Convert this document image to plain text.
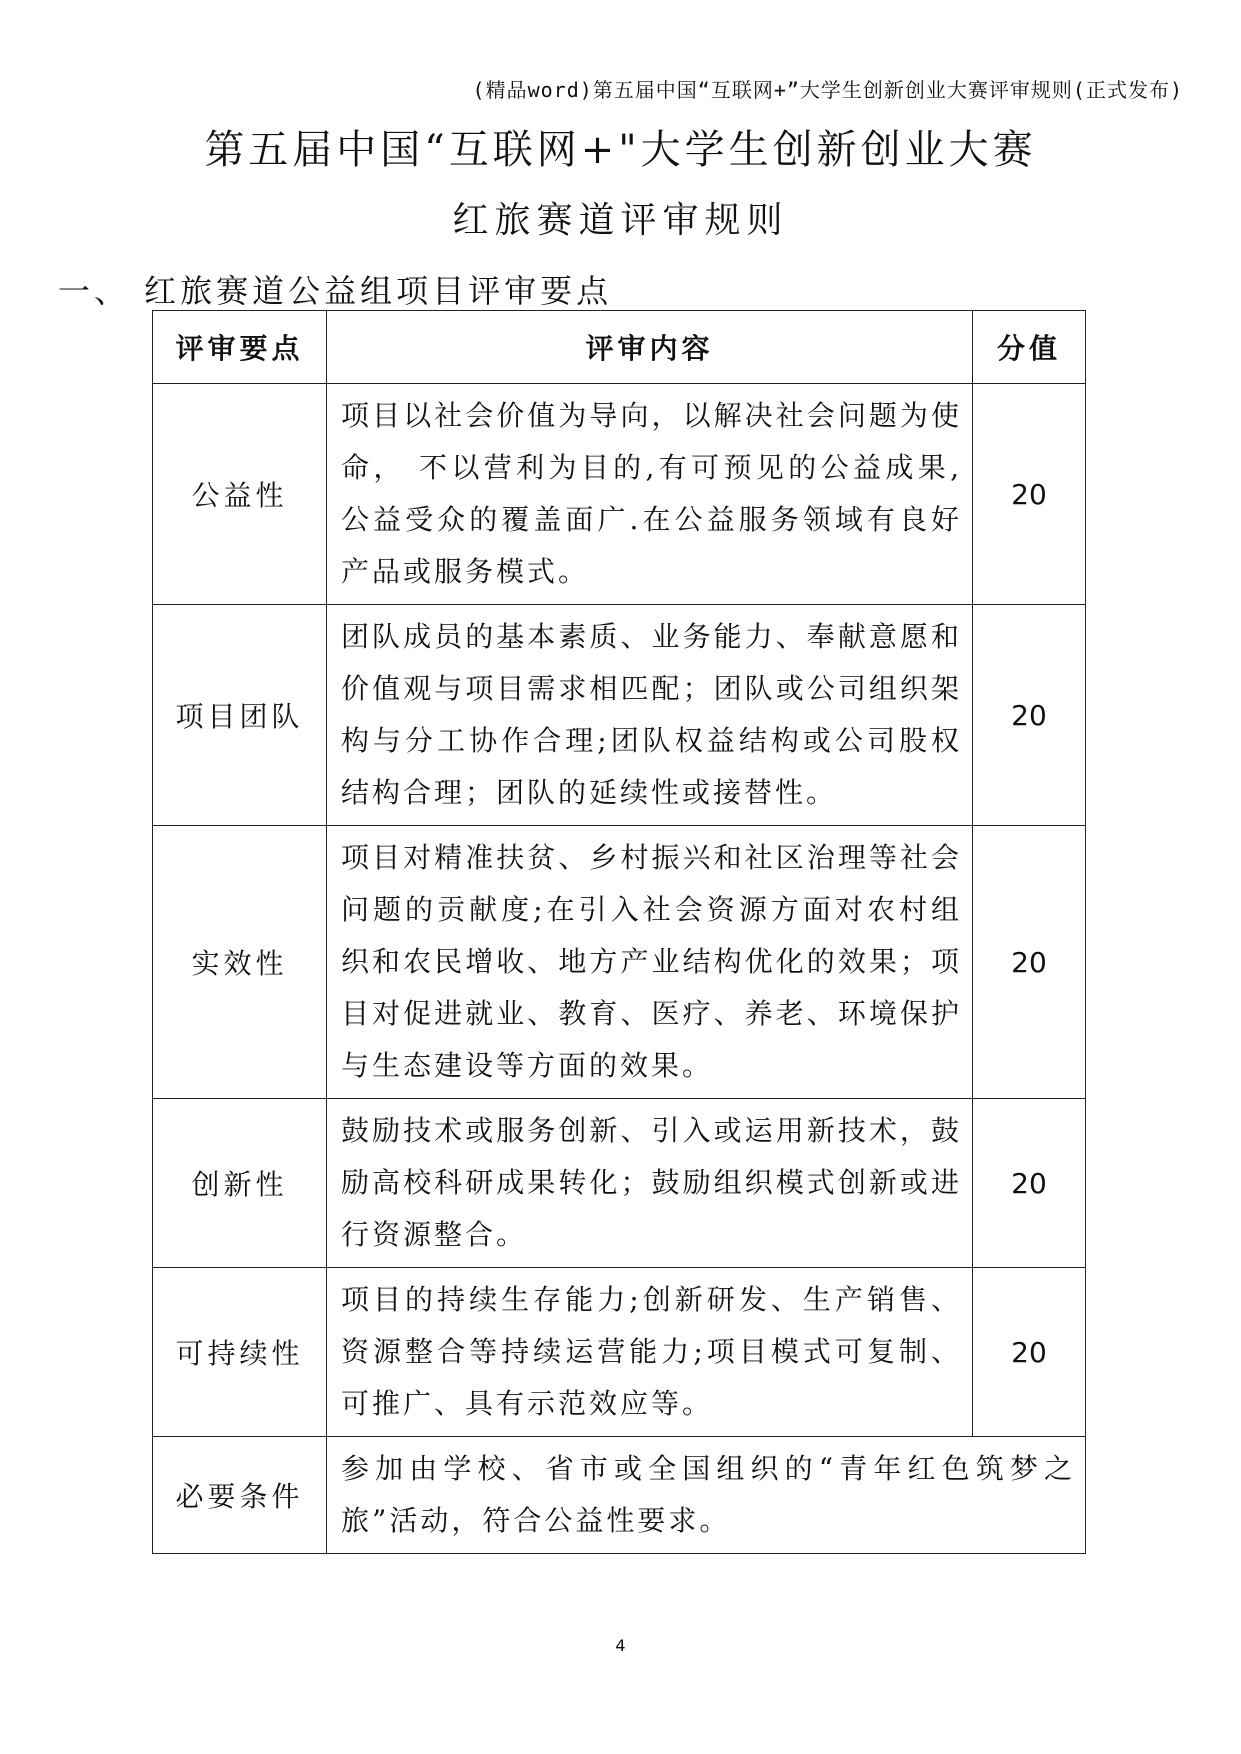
(精品word)第五届中国“互联网+”大学生创新创业大赛评审规则(正式发布)
第五届中国“互联网+"大学生创新创业大赛
红旅赛道评审规则
一、 红旅赛道公益组项目评审要点
评审要点	评审内容	分值
公益性	项目以社会价值为导向，以解决社会问题为使命， 不以营利为目的,有可预见的公益成果,公益受众的覆盖面广.在公益服务领域有良好产品或服务模式。	20
项目团队	团队成员的基本素质、业务能力、奉献意愿和价值观与项目需求相匹配；团队或公司组织架构与分工协作合理;团队权益结构或公司股权结构合理；团队的延续性或接替性。	20
实效性	项目对精准扶贫、乡村振兴和社区治理等社会问题的贡献度;在引入社会资源方面对农村组织和农民增收、地方产业结构优化的效果；项目对促进就业、教育、医疗、养老、环境保护与生态建设等方面的效果。	20
创新性	鼓励技术或服务创新、引入或运用新技术，鼓励高校科研成果转化；鼓励组织模式创新或进行资源整合。	20
可持续性	项目的持续生存能力;创新研发、生产销售、资源整合等持续运营能力;项目模式可复制、可推广、具有示范效应等。	20
必要条件	参加由学校、省市或全国组织的“青年红色筑梦之旅”活动，符合公益性要求。	
4
